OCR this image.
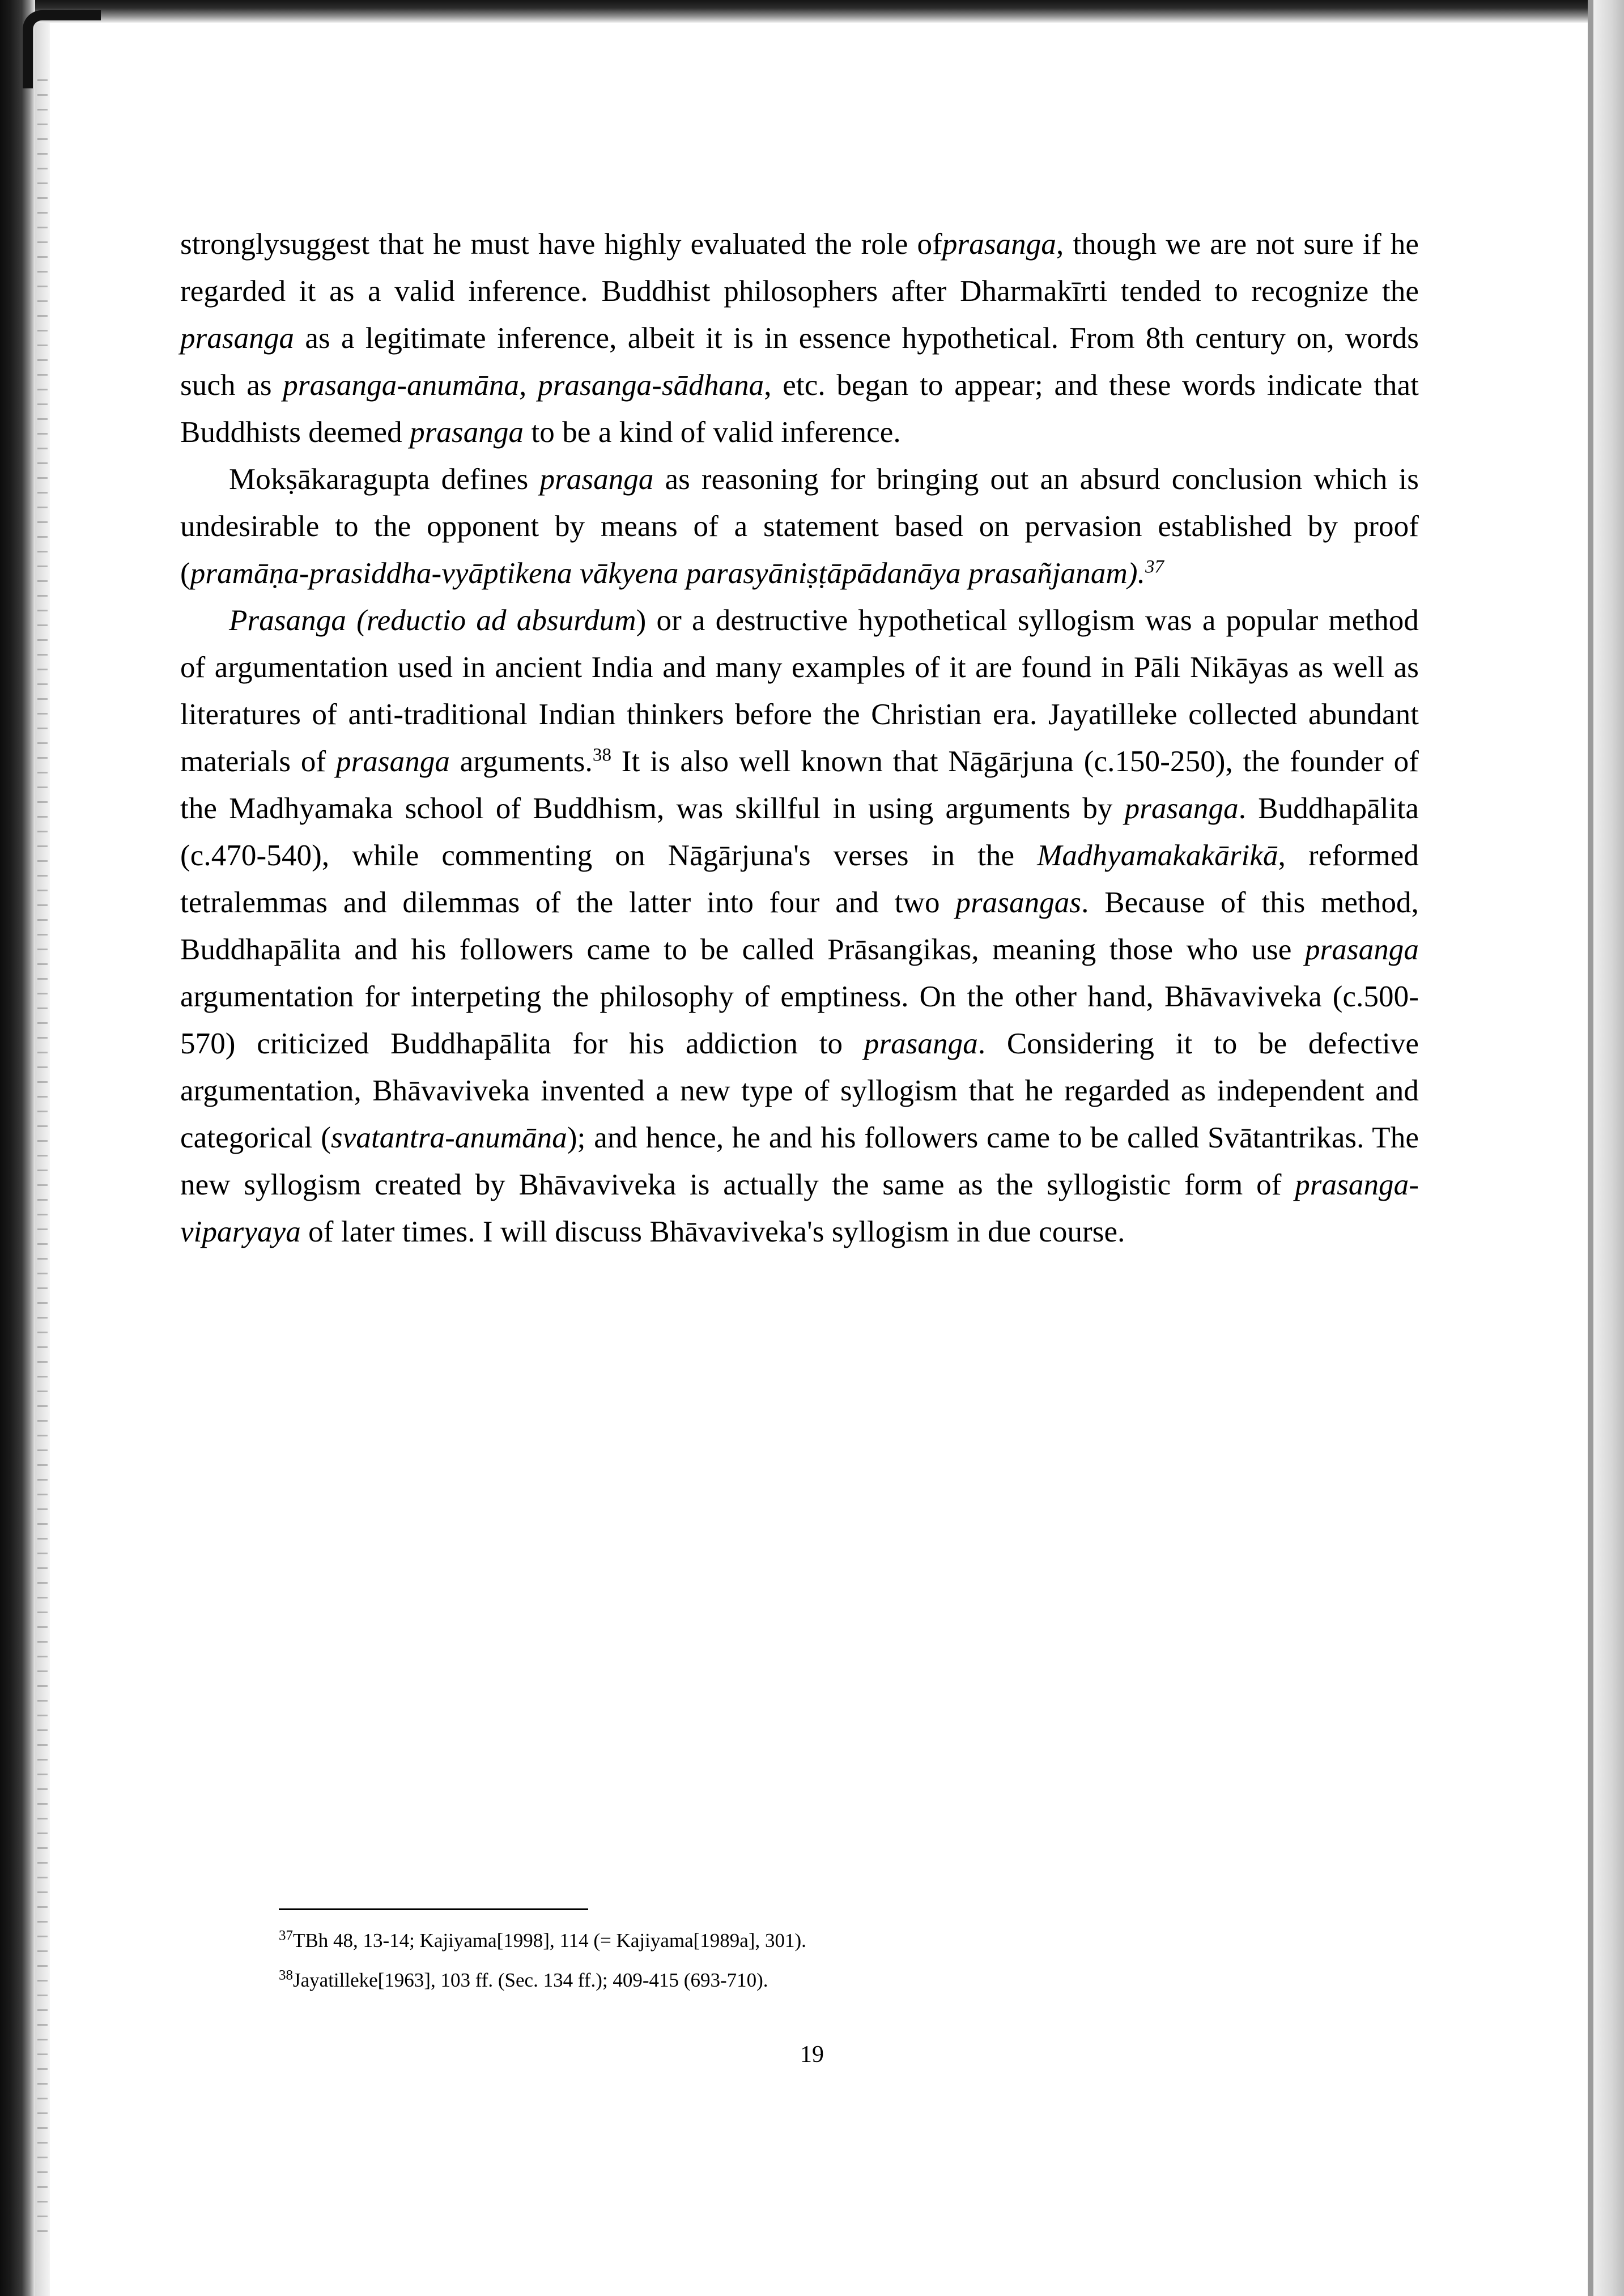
stronglysuggest that he must have highly evaluated the role ofprasanga, though we are not sure if he regarded it as a valid inference. Buddhist philosophers after Dharmakīrti tended to recognize the prasanga as a legitimate inference, albeit it is in essence hypothetical. From 8th century on, words such as prasanga-anumāna, prasanga-sādhana, etc. began to appear; and these words indicate that Buddhists deemed prasanga to be a kind of valid inference.

Mokṣākaragupta defines prasanga as reasoning for bringing out an absurd conclusion which is undesirable to the opponent by means of a statement based on pervasion established by proof (pramāṇa-prasiddha-vyāptikena vākyena parasyāniṣṭāpādanāya prasañjanam).$^{37}$

Prasanga (reductio ad absurdum) or a destructive hypothetical syllogism was a popular method of argumentation used in ancient India and many examples of it are found in Pāli Nikāyas as well as literatures of anti-traditional Indian thinkers before the Christian era. Jayatilleke collected abundant materials of prasanga arguments.$^{38}$ It is also well known that Nāgārjuna (c.150-250), the founder of the Madhyamaka school of Buddhism, was skillful in using arguments by prasanga. Buddhapālita (c.470-540), while commenting on Nāgārjuna's verses in the Madhyamakakārikā, reformed tetralemmas and dilemmas of the latter into four and two prasangas. Because of this method, Buddhapālita and his followers came to be called Prāsangikas, meaning those who use prasanga argumentation for interpeting the philosophy of emptiness. On the other hand, Bhāvaviveka (c.500-570) criticized Buddhapālita for his addiction to prasanga. Considering it to be defective argumentation, Bhāvaviveka invented a new type of syllogism that he regarded as independent and categorical (svatantra-anumāna); and hence, he and his followers came to be called Svātantrikas. The new syllogism created by Bhāvaviveka is actually the same as the syllogistic form of prasanga-viparyaya of later times. I will discuss Bhāvaviveka's syllogism in due course.

$^{37}$TBh 48, 13-14; Kajiyama[1998], 114 (= Kajiyama[1989a], 301).
$^{38}$Jayatilleke[1963], 103 ff. (Sec. 134 ff.); 409-415 (693-710).
19
